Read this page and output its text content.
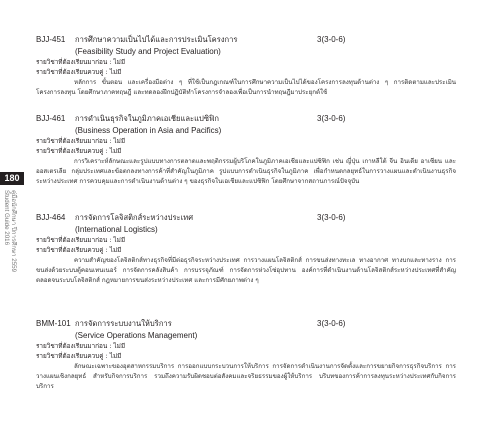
180
คู่มือนักศึกษา ปีการศึกษา 2559
Student Guide 2016
BJJ-451 การศึกษาความเป็นไปได้และการประเมินโครงการ	3(3-0-6)
(Feasibility Study and Project Evaluation)
รายวิชาที่ต้องเรียนมาก่อน : ไม่มี
รายวิชาที่ต้องเรียนควบคู่ : ไม่มี
หลักการ ขั้นตอน และเครื่องมือต่าง ๆ ที่ใช้เป็นกฎเกณฑ์ในการศึกษาความเป็นไปได้ของโครงการลงทุนด้านต่าง ๆ การติดตามและประเมินโครงการลงทุน โดยศึกษาภาคทฤษฎี และทดลองฝึกปฏิบัติทำโครงการจำลองเพื่อเป็นการนำทฤษฎีมาประยุกต์ใช้
BJJ-461 การดำเนินธุรกิจในภูมิภาคเอเชียและแปซิฟิก	3(3-0-6)
(Business Operation in Asia and Pacifics)
รายวิชาที่ต้องเรียนมาก่อน : ไม่มี
รายวิชาที่ต้องเรียนควบคู่ : ไม่มี
การวิเคราะห์ลักษณะและรูปแบบทางการตลาดและพฤติกรรมผู้บริโภคในภูมิภาคเอเชียและแปซิฟิก เช่น ญี่ปุ่น เกาหลีใต้ จีน อินเดีย อาเซียน และออสเตรเลีย กลุ่มประเทศและข้อตกลงทางการค้าที่สำคัญในภูมิภาค รูปแบบการดำเนินธุรกิจในภูมิภาค เพื่อกำหนดกลยุทธ์ในการวางแผนและดำเนินงานธุรกิจระหว่างประเทศ การควบคุมและการดำเนินงานด้านต่าง ๆ ของธุรกิจในเอเชียและแปซิฟิก โดยศึกษาจากสถานการณ์ปัจจุบัน
BJJ-464 การจัดการโลจิสติกส์ระหว่างประเทศ	3(3-0-6)
(International Logistics)
รายวิชาที่ต้องเรียนมาก่อน : ไม่มี
รายวิชาที่ต้องเรียนควบคู่ : ไม่มี
ความสำคัญของโลจิสติกส์ทางธุรกิจที่มีต่อธุรกิจระหว่างประเทศ การวางแผนโลจิสติกส์ การขนส่งทางทะเล ทางอากาศ ทางบกและทางราง การขนส่งด้วยระบบตู้คอนเทนเนอร์ การจัดการคลังสินค้า การบรรจุภัณฑ์ การจัดการห่วงโซ่อุปทาน องค์การที่ดำเนินงานด้านโลจิสติกส์ระหว่างประเทศที่สำคัญ ตลอดจนระบบโลจิสติกส์ กฎหมายการขนส่งระหว่างประเทศ และการมีศักยภาพต่าง ๆ
BMM-101 การจัดการระบบงานให้บริการ	3(3-0-6)
(Service Operations Management)
รายวิชาที่ต้องเรียนมาก่อน : ไม่มี
รายวิชาที่ต้องเรียนควบคู่ : ไม่มี
ลักษณะเฉพาะของอุตสาหกรรมบริการ การออกแบบกระบวนการให้บริการ การจัดการดำเนินงานการจัดตั้งและการขยายกิจการธุรกิจบริการ การวางแผนเชิงกลยุทธ์ สำหรับกิจการบริการ รวมถึงความรับผิดชอบต่อสังคมและจริยธรรมของผู้ให้บริการ บริบทของการค้าการลงทุนระหว่างประเทศกับกิจการบริการ
